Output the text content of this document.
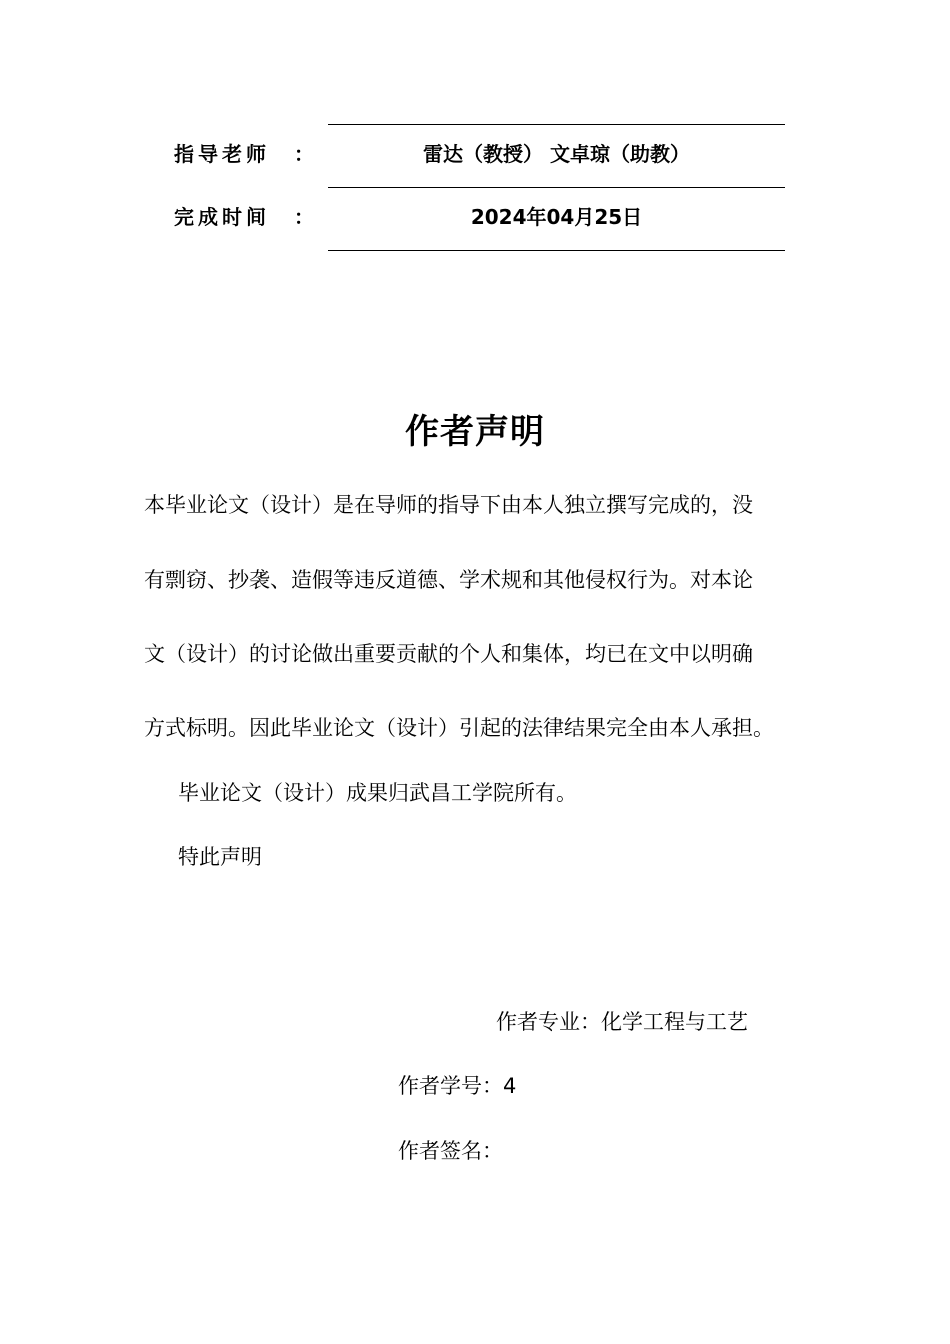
指导老师 ：	雷达（教授） 文卓琼（助教）
完成时间 ：	2024年04月25日
作者声明
本毕业论文（设计）是在导师的指导下由本人独立撰写完成的，没
有剽窃、抄袭、造假等违反道德、学术规和其他侵权行为。对本论
文（设计）的讨论做出重要贡献的个人和集体，均已在文中以明确
方式标明。因此毕业论文（设计）引起的法律结果完全由本人承担。
毕业论文（设计）成果归武昌工学院所有。
特此声明
作者专业：化学工程与工艺
作者学号：4
作者签名：
